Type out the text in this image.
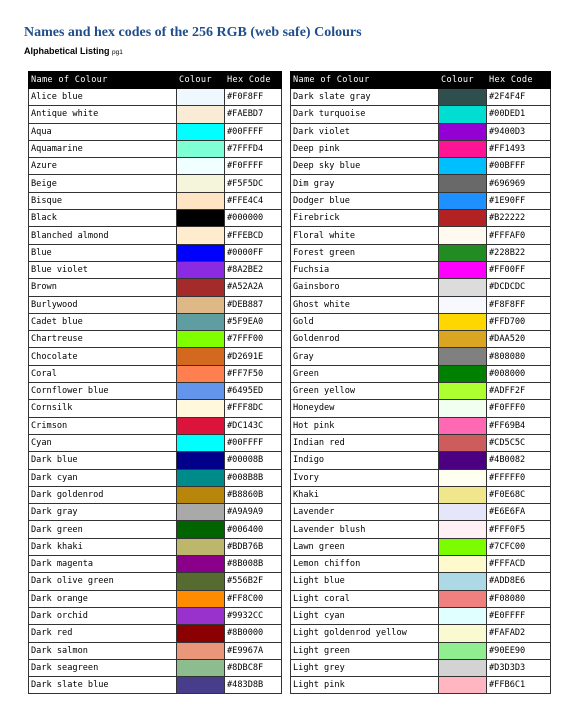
Names and hex codes of the 256 RGB (web safe) Colours
Alphabetical Listing pg1
Name of Colour	Colour	Hex Code
Alice blue		#F0F8FF
Antique white		#FAEBD7
Aqua		#00FFFF
Aquamarine		#7FFFD4
Azure		#F0FFFF
Beige		#F5F5DC
Bisque		#FFE4C4
Black		#000000
Blanched almond		#FFEBCD
Blue		#0000FF
Blue violet		#8A2BE2
Brown		#A52A2A
Burlywood		#DEB887
Cadet blue		#5F9EA0
Chartreuse		#7FFF00
Chocolate		#D2691E
Coral		#FF7F50
Cornflower blue		#6495ED
Cornsilk		#FFF8DC
Crimson		#DC143C
Cyan		#00FFFF
Dark blue		#00008B
Dark cyan		#008B8B
Dark goldenrod		#B8860B
Dark gray		#A9A9A9
Dark green		#006400
Dark khaki		#BDB76B
Dark magenta		#8B008B
Dark olive green		#556B2F
Dark orange		#FF8C00
Dark orchid		#9932CC
Dark red		#8B0000
Dark salmon		#E9967A
Dark seagreen		#8DBC8F
Dark slate blue		#483D8B
Name of Colour	Colour	Hex Code
Dark slate gray		#2F4F4F
Dark turquoise		#00DED1
Dark violet		#9400D3
Deep pink		#FF1493
Deep sky blue		#00BFFF
Dim gray		#696969
Dodger blue		#1E90FF
Firebrick		#B22222
Floral white		#FFFAF0
Forest green		#228B22
Fuchsia		#FF00FF
Gainsboro		#DCDCDC
Ghost white		#F8F8FF
Gold		#FFD700
Goldenrod		#DAA520
Gray		#808080
Green		#008000
Green yellow		#ADFF2F
Honeydew		#F0FFF0
Hot pink		#FF69B4
Indian red		#CD5C5C
Indigo		#4B0082
Ivory		#FFFFF0
Khaki		#F0E68C
Lavender		#E6E6FA
Lavender blush		#FFF0F5
Lawn green		#7CFC00
Lemon chiffon		#FFFACD
Light blue		#ADD8E6
Light coral		#F08080
Light cyan		#E0FFFF
Light goldenrod yellow		#FAFAD2
Light green		#90EE90
Light grey		#D3D3D3
Light pink		#FFB6C1
